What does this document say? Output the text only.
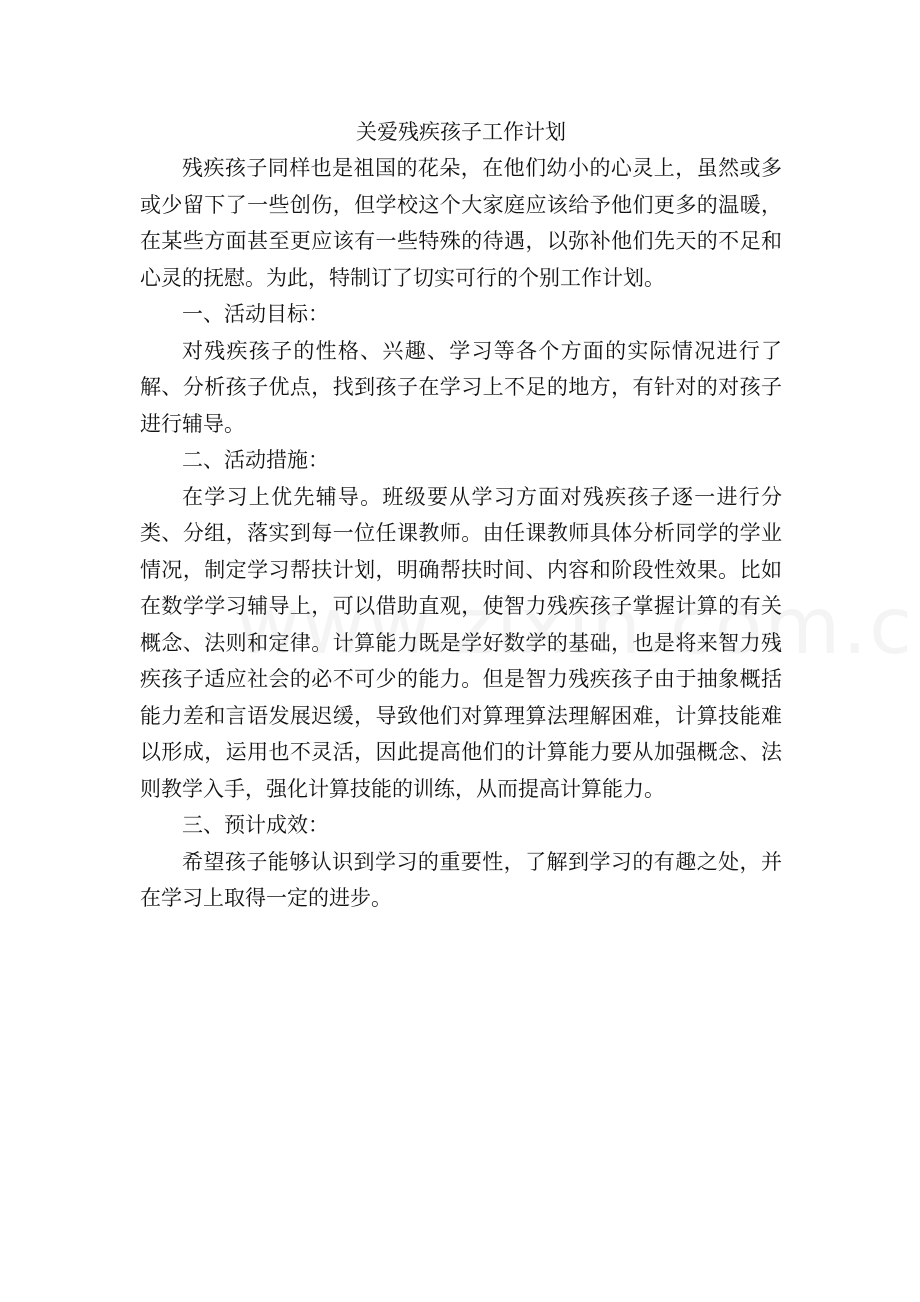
关爱残疾孩子工作计划

残疾孩子同样也是祖国的花朵，在他们幼小的心灵上，虽然或多或少留下了一些创伤，但学校这个大家庭应该给予他们更多的温暖，在某些方面甚至更应该有一些特殊的待遇，以弥补他们先天的不足和心灵的抚慰。为此，特制订了切实可行的个别工作计划。

一、活动目标：

对残疾孩子的性格、兴趣、学习等各个方面的实际情况进行了解、分析孩子优点，找到孩子在学习上不足的地方，有针对的对孩子进行辅导。

二、活动措施：

在学习上优先辅导。班级要从学习方面对残疾孩子逐一进行分类、分组，落实到每一位任课教师。由任课教师具体分析同学的学业情况，制定学习帮扶计划，明确帮扶时间、内容和阶段性效果。比如在数学学习辅导上，可以借助直观，使智力残疾孩子掌握计算的有关概念、法则和定律。计算能力既是学好数学的基础，也是将来智力残疾孩子适应社会的必不可少的能力。但是智力残疾孩子由于抽象概括能力差和言语发展迟缓，导致他们对算理算法理解困难，计算技能难以形成，运用也不灵活，因此提高他们的计算能力要从加强概念、法则教学入手，强化计算技能的训练，从而提高计算能力。

三、预计成效：

希望孩子能够认识到学习的重要性，了解到学习的有趣之处，并在学习上取得一定的进步。
